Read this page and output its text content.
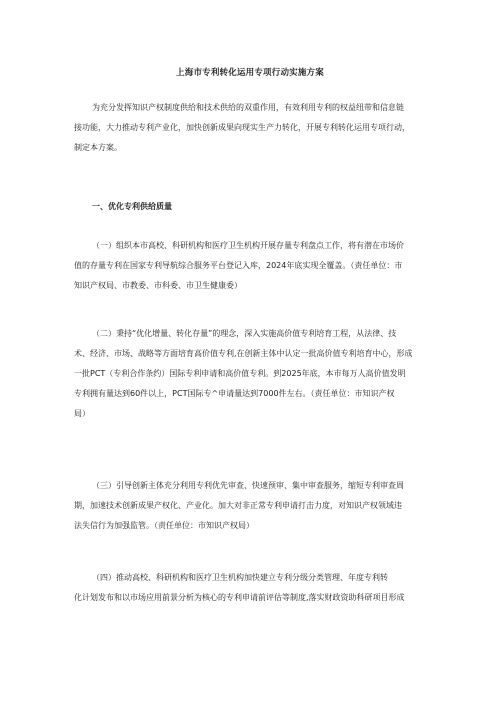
上海市专利转化运用专项行动实施方案

为充分发挥知识产权制度供给和技术供给的双重作用，有效利用专利的权益纽带和信息链
接功能，大力推动专利产业化，加快创新成果向现实生产力转化，开展专利转化运用专项行动，
制定本方案。

一、优化专利供给质量

（一）组织本市高校、科研机构和医疗卫生机构开展存量专利盘点工作，将有潜在市场价
值的存量专利在国家专利导航综合服务平台登记入库，2024年底实现全覆盖。（责任单位：市
知识产权局、市教委、市科委、市卫生健康委）

（二）秉持“优化增量、转化存量”的理念，深入实施高价值专利培育工程，从法律、技
术、经济、市场、战略等方面培育高价值专利,在创新主体中认定一批高价值专利培育中心，形成
一批PCT（专利合作条约）国际专利申请和高价值专利。到2025年底，本市每万人高价值发明
专利拥有量达到60件以上，PCT国际专^申请量达到7000件左右。（责任单位：市知识产权
局）

（三）引导创新主体充分利用专利优先审查、快速预审、集中审查服务，缩短专利审查周
期，加速技术创新成果产权化、产业化。加大对非正常专利申请打击力度，对知识产权领域违
法失信行为加强监管。（责任单位：市知识产权局）

（四）推动高校、科研机构和医疗卫生机构加快建立专利分级分类管理、年度专利转
化计划发布和以市场应用前景分析为核心的专利申请前评估等制度,落实财政资助科研项目形成
